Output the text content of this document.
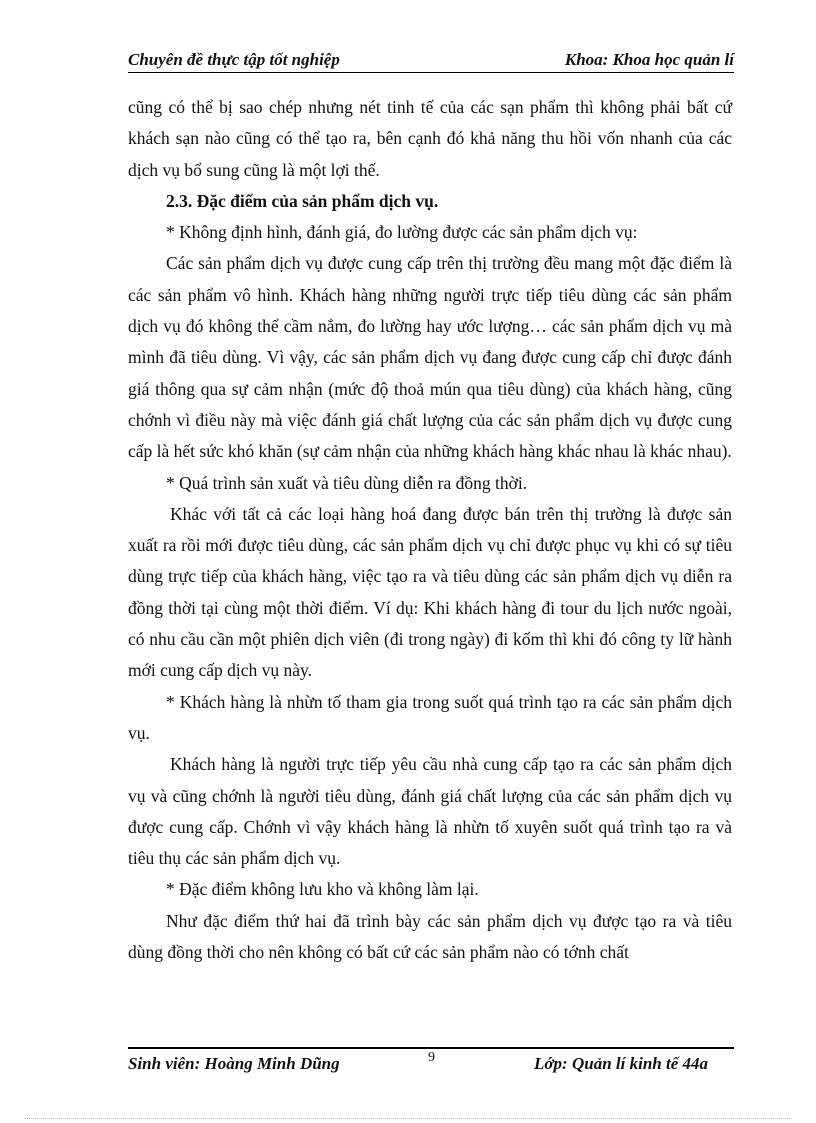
Chuyên đề thực tập tốt nghiệp	Khoa: Khoa học quản lí

cũng có thể bị sao chép nhưng nét tinh tế của các sạn phẩm thì không phải bất cứ khách sạn nào cũng có thể tạo ra, bên cạnh đó khả năng thu hồi vốn nhanh của các dịch vụ bổ sung cũng là một lợi thế.

2.3. Đặc điểm của sản phẩm dịch vụ.

* Không định hình, đánh giá, đo lường được các sản phẩm dịch vụ:

Các sản phẩm dịch vụ được cung cấp trên thị trường đều mang một đặc điểm là các sản phẩm vô hình. Khách hàng những người trực tiếp tiêu dùng các sản phẩm dịch vụ đó không thể cầm nắm, đo lường hay ước lượng… các sản phẩm dịch vụ mà mình đã tiêu dùng. Vì vậy, các sản phẩm dịch vụ đang được cung cấp chỉ được đánh giá thông qua sự cảm nhận (mức độ thoả mún qua tiêu dùng) của khách hàng, cũng chớnh vì điều này mà việc đánh giá chất lượng của các sản phẩm dịch vụ được cung cấp là hết sức khó khăn (sự cảm nhận của những khách hàng khác nhau là khác nhau).

* Quá trình sản xuất và tiêu dùng diễn ra đồng thời.

Khác với tất cả các loại hàng hoá đang được bán trên thị trường là được sản xuất ra rồi mới được tiêu dùng, các sản phẩm dịch vụ chỉ được phục vụ khi có sự tiêu dùng trực tiếp của khách hàng, việc tạo ra và tiêu dùng các sản phẩm dịch vụ diễn ra đồng thời tại cùng một thời điểm. Ví dụ: Khi khách hàng đi tour du lịch nước ngoài, có nhu cầu cần một phiên dịch viên (đi trong ngày) đi kốm thì khi đó công ty lữ hành mới cung cấp dịch vụ này.

* Khách hàng là nhừn tố tham gia trong suốt quá trình tạo ra các sản phẩm dịch vụ.

Khách hàng là người trực tiếp yêu cầu nhà cung cấp tạo ra các sản phẩm dịch vụ và cũng chớnh là người tiêu dùng, đánh giá chất lượng của các sản phẩm dịch vụ được cung cấp. Chớnh vì vậy khách hàng là nhừn tố xuyên suốt quá trình tạo ra và tiêu thụ các sản phẩm dịch vụ.

* Đặc điểm không lưu kho và không làm lại.

Như đặc điểm thứ hai đã trình bày các sản phẩm dịch vụ được tạo ra và tiêu dùng đồng thời cho nên không có bất cứ các sản phẩm nào có tớnh chất

Sinh viên: Hoàng Minh Dũng	9	Lớp: Quản lí kinh tế 44a
